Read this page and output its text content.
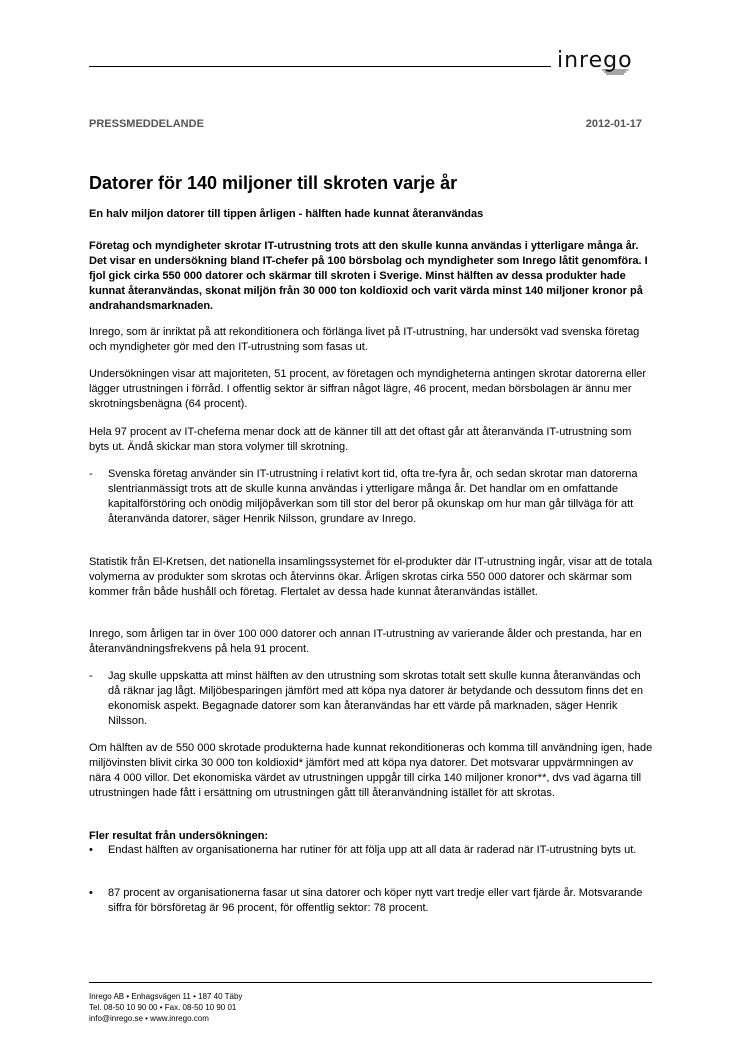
inrego
PRESSMEDDELANDE	2012-01-17
Datorer för 140 miljoner till skroten varje år
En halv miljon datorer till tippen årligen - hälften hade kunnat återanvändas
Företag och myndigheter skrotar IT-utrustning trots att den skulle kunna användas i ytterligare många år. Det visar en undersökning bland IT-chefer på 100 börsbolag och myndigheter som Inrego låtit genomföra. I fjol gick cirka 550 000 datorer och skärmar till skroten i Sverige. Minst hälften av dessa produkter hade kunnat återanvändas, skonat miljön från 30 000 ton koldioxid och varit värda minst 140 miljoner kronor på andrahandsmarknaden.
Inrego, som är inriktat på att rekonditionera och förlänga livet på IT-utrustning, har undersökt vad svenska företag och myndigheter gör med den IT-utrustning som fasas ut.
Undersökningen visar att majoriteten, 51 procent, av företagen och myndigheterna antingen skrotar datorerna eller lägger utrustningen i förråd. I offentlig sektor är siffran något lägre, 46 procent, medan börsbolagen är ännu mer skrotningsbenägna (64 procent).
Hela 97 procent av IT-cheferna menar dock att de känner till att det oftast går att återanvända IT-utrustning som byts ut. Ändå skickar man stora volymer till skrotning.
- Svenska företag använder sin IT-utrustning i relativt kort tid, ofta tre-fyra år, och sedan skrotar man datorerna slentrianmässigt trots att de skulle kunna användas i ytterligare många år. Det handlar om en omfattande kapitalförstöring och onödig miljöpåverkan som till stor del beror på okunskap om hur man går tillväga för att återanvända datorer, säger Henrik Nilsson, grundare av Inrego.
Statistik från El-Kretsen, det nationella insamlingssystemet för el-produkter där IT-utrustning ingår, visar att de totala volymerna av produkter som skrotas och återvinns ökar. Årligen skrotas cirka 550 000 datorer och skärmar som kommer från både hushåll och företag. Flertalet av dessa hade kunnat återanvändas istället.
Inrego, som årligen tar in över 100 000 datorer och annan IT-utrustning av varierande ålder och prestanda, har en återanvändningsfrekvens på hela 91 procent.
- Jag skulle uppskatta att minst hälften av den utrustning som skrotas totalt sett skulle kunna återanvändas och då räknar jag lågt. Miljöbesparingen jämfört med att köpa nya datorer är betydande och dessutom finns det en ekonomisk aspekt. Begagnade datorer som kan återanvändas har ett värde på marknaden, säger Henrik Nilsson.
Om hälften av de 550 000 skrotade produkterna hade kunnat rekonditioneras och komma till användning igen, hade miljövinsten blivit cirka 30 000 ton koldioxid* jämfört med att köpa nya datorer. Det motsvarar uppvärmningen av nära 4 000 villor. Det ekonomiska värdet av utrustningen uppgår till cirka 140 miljoner kronor**, dvs vad ägarna till utrustningen hade fått i ersättning om utrustningen gått till återanvändning istället för att skrotas.
Fler resultat från undersökningen:
• Endast hälften av organisationerna har rutiner för att följa upp att all data är raderad när IT-utrustning byts ut.
• 87 procent av organisationerna fasar ut sina datorer och köper nytt vart tredje eller vart fjärde år. Motsvarande siffra för börsföretag är 96 procent, för offentlig sektor: 78 procent.
Inrego AB • Enhagsvägen 11 • 187 40 Täby
Tel. 08-50 10 90 00 • Fax. 08-50 10 90 01
info@inrego.se • www.inrego.com
